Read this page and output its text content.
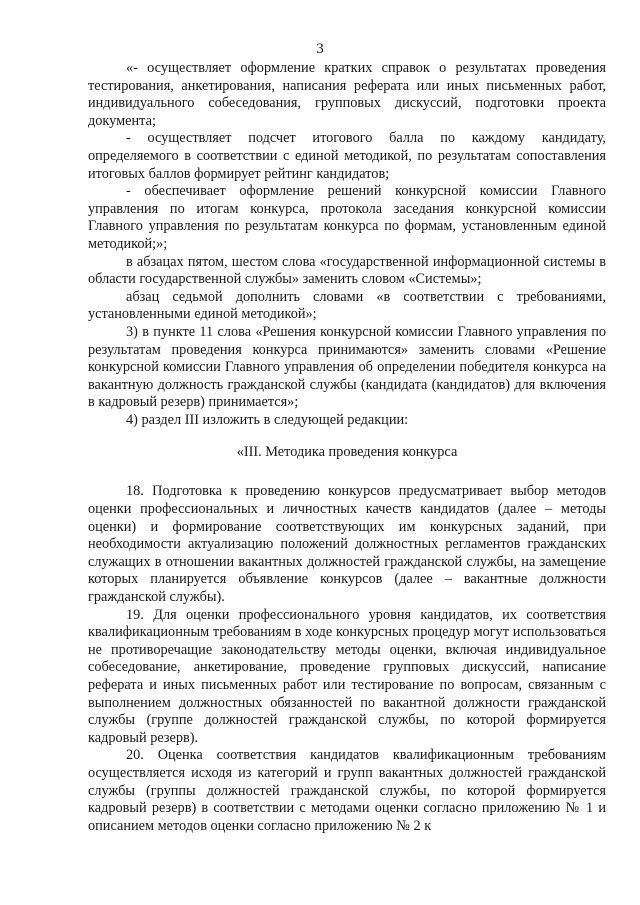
3

«- осуществляет оформление кратких справок о результатах проведения тестирования, анкетирования, написания реферата или иных письменных работ, индивидуального собеседования, групповых дискуссий, подготовки проекта документа;

- осуществляет подсчет итогового балла по каждому кандидату, определяемого в соответствии с единой методикой, по результатам сопоставления итоговых баллов формирует рейтинг кандидатов;

- обеспечивает оформление решений конкурсной комиссии Главного управления по итогам конкурса, протокола заседания конкурсной комиссии Главного управления по результатам конкурса по формам, установленным единой методикой;»;

в абзацах пятом, шестом слова «государственной информационной системы в области государственной службы» заменить словом «Системы»;

абзац седьмой дополнить словами «в соответствии с требованиями, установленными единой методикой»;

3) в пункте 11 слова «Решения конкурсной комиссии Главного управления по результатам проведения конкурса принимаются» заменить словами «Решение конкурсной комиссии Главного управления об определении победителя конкурса на вакантную должность гражданской службы (кандидата (кандидатов) для включения в кадровый резерв) принимается»;

4) раздел III изложить в следующей редакции:

«III. Методика проведения конкурса

18. Подготовка к проведению конкурсов предусматривает выбор методов оценки профессиональных и личностных качеств кандидатов (далее – методы оценки) и формирование соответствующих им конкурсных заданий, при необходимости актуализацию положений должностных регламентов гражданских служащих в отношении вакантных должностей гражданской службы, на замещение которых планируется объявление конкурсов (далее – вакантные должности гражданской службы).

19. Для оценки профессионального уровня кандидатов, их соответствия квалификационным требованиям в ходе конкурсных процедур могут использоваться не противоречащие законодательству методы оценки, включая индивидуальное собеседование, анкетирование, проведение групповых дискуссий, написание реферата и иных письменных работ или тестирование по вопросам, связанным с выполнением должностных обязанностей по вакантной должности гражданской службы (группе должностей гражданской службы, по которой формируется кадровый резерв).

20. Оценка соответствия кандидатов квалификационным требованиям осуществляется исходя из категорий и групп вакантных должностей гражданской службы (группы должностей гражданской службы, по которой формируется кадровый резерв) в соответствии с методами оценки согласно приложению № 1 и описанием методов оценки согласно приложению № 2 к
